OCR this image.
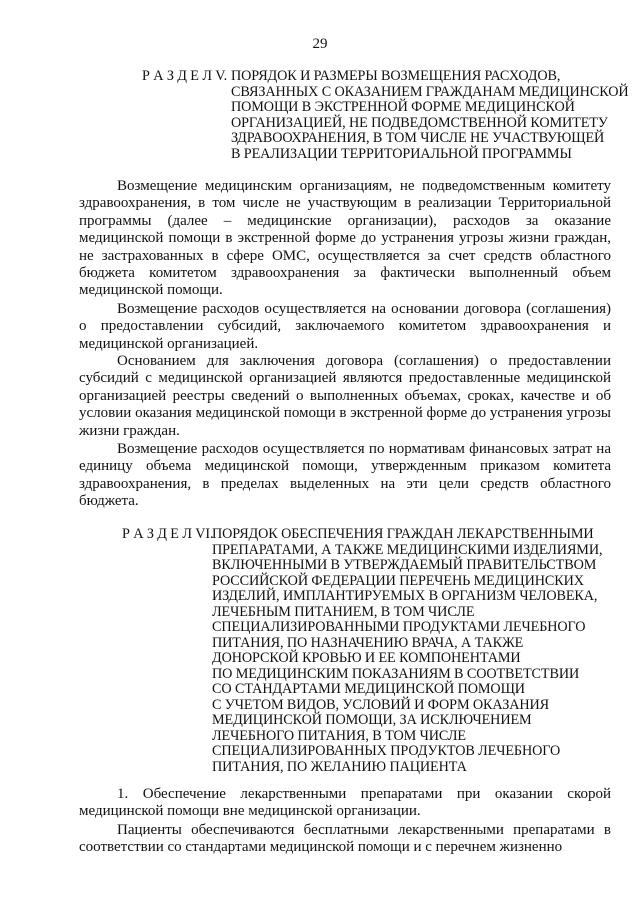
29
Р А З Д Е Л V. ПОРЯДОК И РАЗМЕРЫ ВОЗМЕЩЕНИЯ РАСХОДОВ,
СВЯЗАННЫХ С ОКАЗАНИЕМ ГРАЖДАНАМ МЕДИЦИНСКОЙ
ПОМОЩИ В ЭКСТРЕННОЙ ФОРМЕ МЕДИЦИНСКОЙ
ОРГАНИЗАЦИЕЙ, НЕ ПОДВЕДОМСТВЕННОЙ КОМИТЕТУ
ЗДРАВООХРАНЕНИЯ, В ТОМ ЧИСЛЕ НЕ УЧАСТВУЮЩЕЙ
В РЕАЛИЗАЦИИ ТЕРРИТОРИАЛЬНОЙ ПРОГРАММЫ

Возмещение медицинским организациям, не подведомственным комитету здравоохранения, в том числе не участвующим в реализации Территориальной программы (далее – медицинские организации), расходов за оказание медицинской помощи в экстренной форме до устранения угрозы жизни граждан, не застрахованных в сфере ОМС, осуществляется за счет средств областного бюджета комитетом здравоохранения за фактически выполненный объем медицинской помощи.

Возмещение расходов осуществляется на основании договора (соглашения) о предоставлении субсидий, заключаемого комитетом здравоохранения и медицинской организацией.

Основанием для заключения договора (соглашения) о предоставлении субсидий с медицинской организацией являются предоставленные медицинской организацией реестры сведений о выполненных объемах, сроках, качестве и об условии оказания медицинской помощи в экстренной форме до устранения угрозы жизни граждан.

Возмещение расходов осуществляется по нормативам финансовых затрат на единицу объема медицинской помощи, утвержденным приказом комитета здравоохранения, в пределах выделенных на эти цели средств областного бюджета.

Р А З Д Е Л VI.
ПОРЯДОК ОБЕСПЕЧЕНИЯ ГРАЖДАН ЛЕКАРСТВЕННЫМИ
ПРЕПАРАТАМИ, А ТАКЖЕ МЕДИЦИНСКИМИ ИЗДЕЛИЯМИ,
ВКЛЮЧЕННЫМИ В УТВЕРЖДАЕМЫЙ ПРАВИТЕЛЬСТВОМ
РОССИЙСКОЙ ФЕДЕРАЦИИ ПЕРЕЧЕНЬ МЕДИЦИНСКИХ
ИЗДЕЛИЙ, ИМПЛАНТИРУЕМЫХ В ОРГАНИЗМ ЧЕЛОВЕКА,
ЛЕЧЕБНЫМ ПИТАНИЕМ, В ТОМ ЧИСЛЕ
СПЕЦИАЛИЗИРОВАННЫМИ ПРОДУКТАМИ ЛЕЧЕБНОГО
ПИТАНИЯ, ПО НАЗНАЧЕНИЮ ВРАЧА, А ТАКЖЕ
ДОНОРСКОЙ КРОВЬЮ И ЕЕ КОМПОНЕНТАМИ
ПО МЕДИЦИНСКИМ ПОКАЗАНИЯМ В СООТВЕТСТВИИ
СО СТАНДАРТАМИ МЕДИЦИНСКОЙ ПОМОЩИ
С УЧЕТОМ ВИДОВ, УСЛОВИЙ И ФОРМ ОКАЗАНИЯ
МЕДИЦИНСКОЙ ПОМОЩИ, ЗА ИСКЛЮЧЕНИЕМ
ЛЕЧЕБНОГО ПИТАНИЯ, В ТОМ ЧИСЛЕ
СПЕЦИАЛИЗИРОВАННЫХ ПРОДУКТОВ ЛЕЧЕБНОГО
ПИТАНИЯ, ПО ЖЕЛАНИЮ ПАЦИЕНТА

1. Обеспечение лекарственными препаратами при оказании скорой медицинской помощи вне медицинской организации.

Пациенты обеспечиваются бесплатными лекарственными препаратами в соответствии со стандартами медицинской помощи и с перечнем жизненно
